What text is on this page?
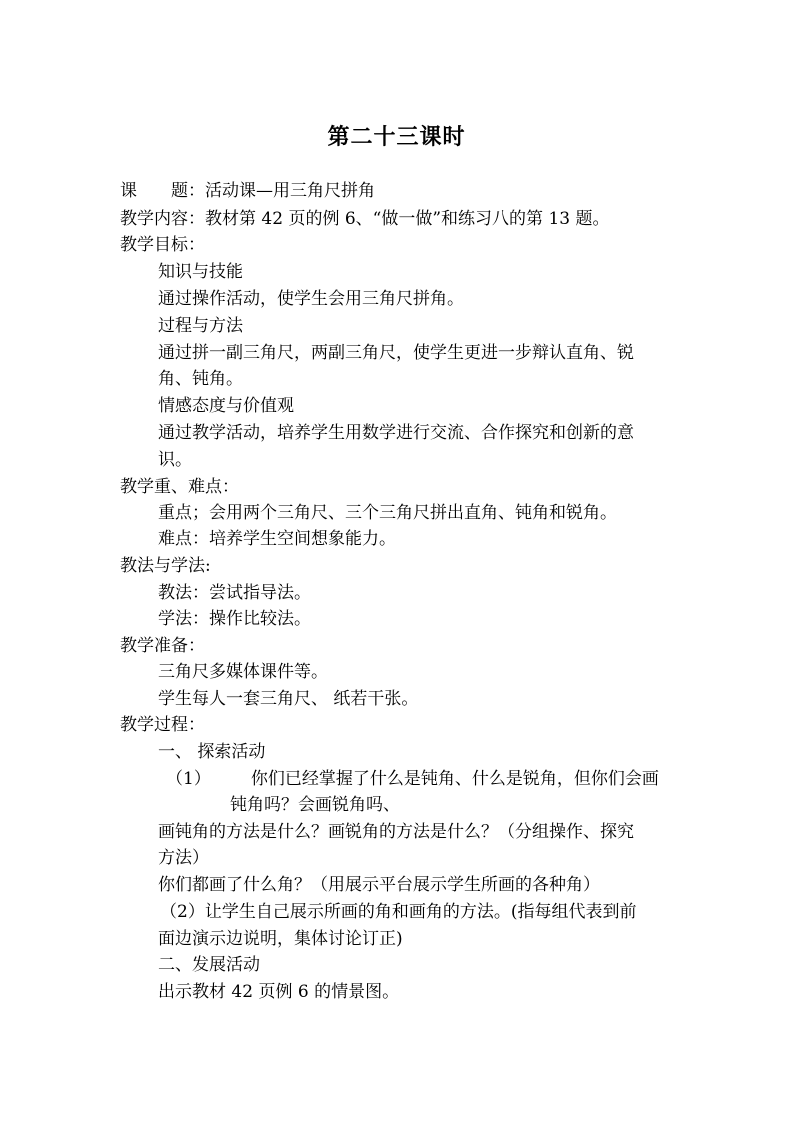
第二十三课时
课 题：活动课—用三角尺拼角
教学内容：教材第 42 页的例 6、“做一做”和练习八的第 13 题。
教学目标：
知识与技能
通过操作活动，使学生会用三角尺拼角。
过程与方法
通过拼一副三角尺，两副三角尺，使学生更进一步辩认直角、锐
角、钝角。
情感态度与价值观
通过教学活动，培养学生用数学进行交流、合作探究和创新的意
识。
教学重、难点：
重点；会用两个三角尺、三个三角尺拼出直角、钝角和锐角。
难点：培养学生空间想象能力。
教法与学法:
教法：尝试指导法。
学法：操作比较法。
教学准备：
三角尺多媒体课件等。
学生每人一套三角尺、 纸若干张。
教学过程：
一、 探索活动
（1） 你们已经掌握了什么是钝角、什么是锐角，但你们会画
钝角吗？会画锐角吗、
画钝角的方法是什么？画锐角的方法是什么？（分组操作、探究
方法）
你们都画了什么角？（用展示平台展示学生所画的各种角）
（2）让学生自己展示所画的角和画角的方法。(指每组代表到前
面边演示边说明，集体讨论订正)
二、发展活动
出示教材 42 页例 6 的情景图。
